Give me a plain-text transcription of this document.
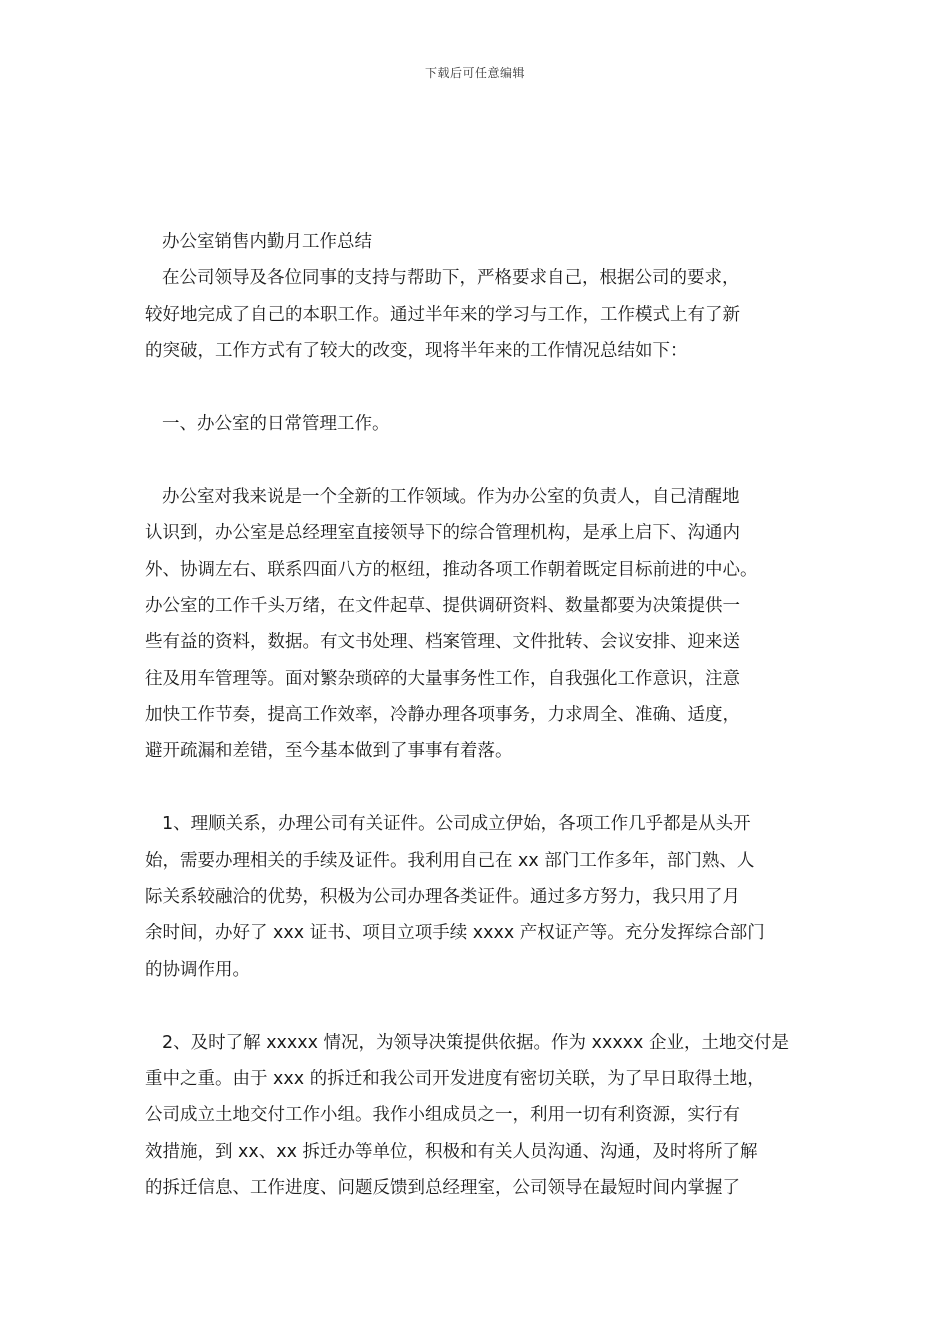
下载后可任意编辑
办公室销售内勤月工作总结
在公司领导及各位同事的支持与帮助下，严格要求自己，根据公司的要求，
较好地完成了自己的本职工作。通过半年来的学习与工作，工作模式上有了新
的突破，工作方式有了较大的改变，现将半年来的工作情况总结如下：
一、办公室的日常管理工作。
办公室对我来说是一个全新的工作领域。作为办公室的负责人，自己清醒地
认识到，办公室是总经理室直接领导下的综合管理机构，是承上启下、沟通内
外、协调左右、联系四面八方的枢纽，推动各项工作朝着既定目标前进的中心。
办公室的工作千头万绪，在文件起草、提供调研资料、数量都要为决策提供一
些有益的资料，数据。有文书处理、档案管理、文件批转、会议安排、迎来送
往及用车管理等。面对繁杂琐碎的大量事务性工作，自我强化工作意识，注意
加快工作节奏，提高工作效率，冷静办理各项事务，力求周全、准确、适度，
避开疏漏和差错，至今基本做到了事事有着落。
1、理顺关系，办理公司有关证件。公司成立伊始，各项工作几乎都是从头开
始，需要办理相关的手续及证件。我利用自己在 xx 部门工作多年，部门熟、人
际关系较融洽的优势，积极为公司办理各类证件。通过多方努力，我只用了月
余时间，办好了 xxx 证书、项目立项手续 xxxx 产权证产等。充分发挥综合部门
的协调作用。
2、及时了解 xxxxx 情况，为领导决策提供依据。作为 xxxxx 企业，土地交付是
重中之重。由于 xxx 的拆迁和我公司开发进度有密切关联，为了早日取得土地，
公司成立土地交付工作小组。我作小组成员之一，利用一切有利资源，实行有
效措施，到 xx、xx 拆迁办等单位，积极和有关人员沟通、沟通，及时将所了解
的拆迁信息、工作进度、问题反馈到总经理室，公司领导在最短时间内掌握了
